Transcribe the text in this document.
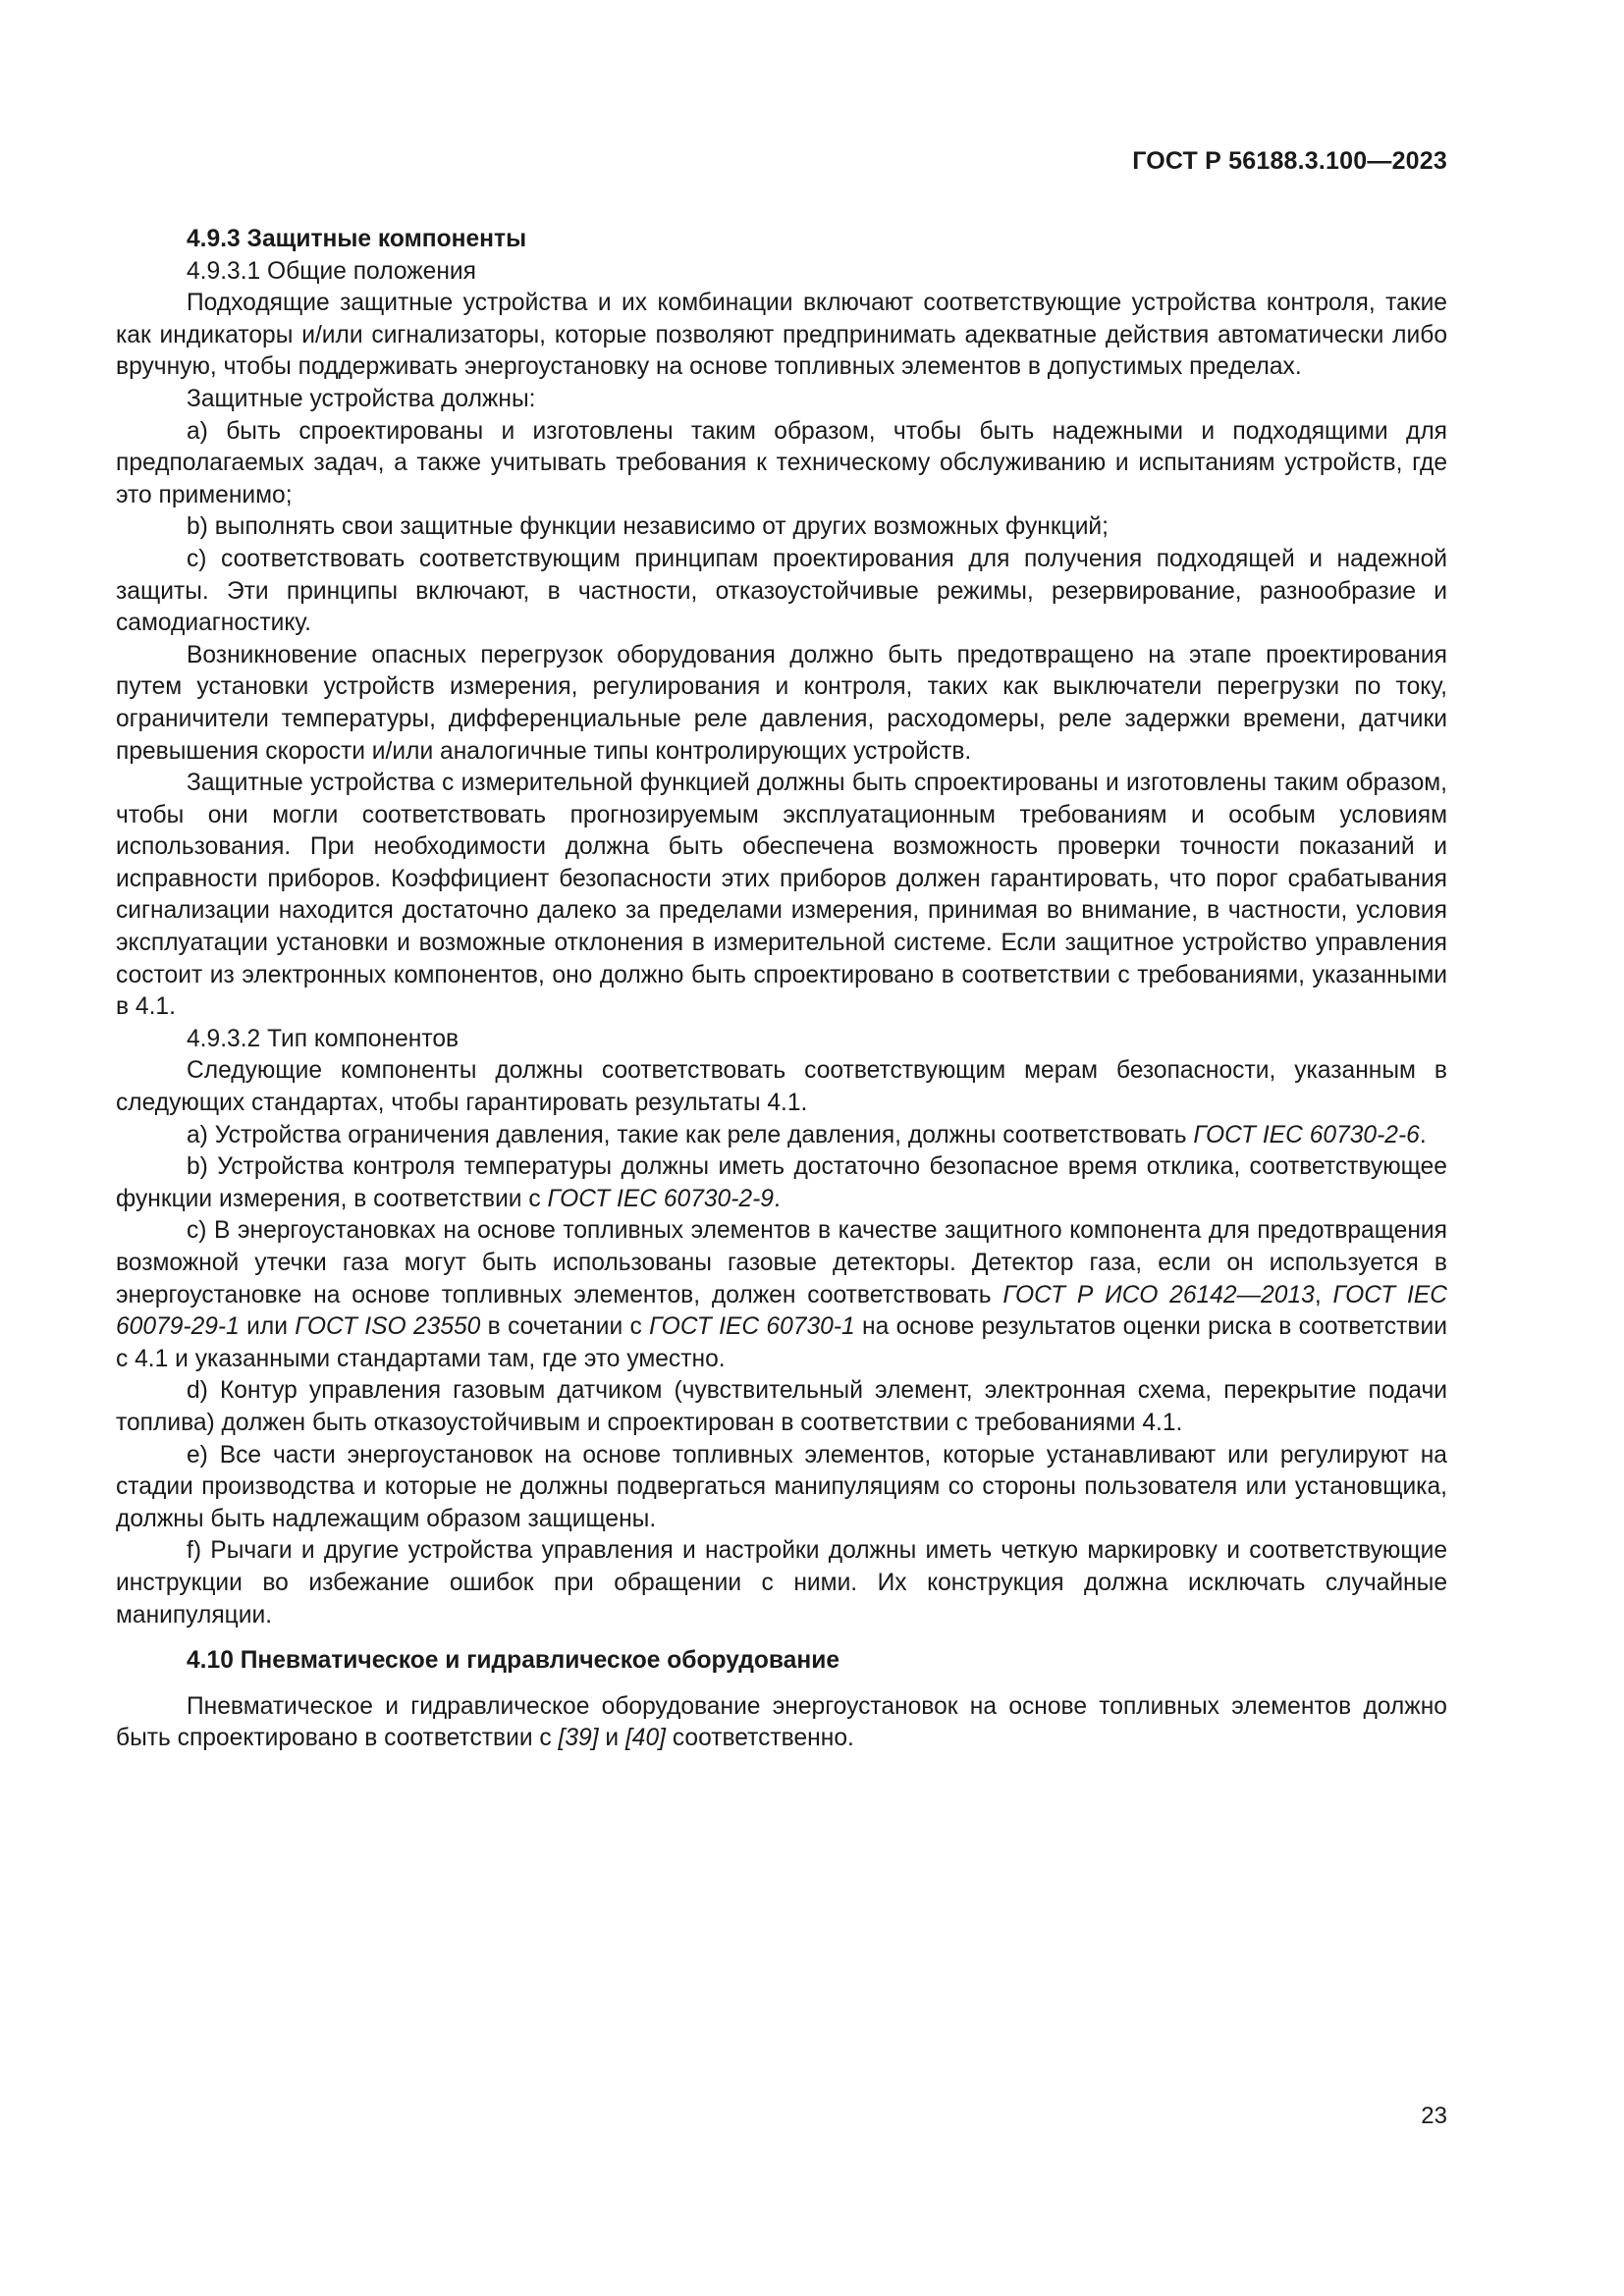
ГОСТ Р 56188.3.100—2023

4.9.3 Защитные компоненты

4.9.3.1 Общие положения

Подходящие защитные устройства и их комбинации включают соответствующие устройства контроля, такие как индикаторы и/или сигнализаторы, которые позволяют предпринимать адекватные действия автоматически либо вручную, чтобы поддерживать энергоустановку на основе топливных элементов в допустимых пределах.

Защитные устройства должны:

а) быть спроектированы и изготовлены таким образом, чтобы быть надежными и подходящими для предполагаемых задач, а также учитывать требования к техническому обслуживанию и испытаниям устройств, где это применимо;

b) выполнять свои защитные функции независимо от других возможных функций;

c) соответствовать соответствующим принципам проектирования для получения подходящей и надежной защиты. Эти принципы включают, в частности, отказоустойчивые режимы, резервирование, разнообразие и самодиагностику.

Возникновение опасных перегрузок оборудования должно быть предотвращено на этапе проектирования путем установки устройств измерения, регулирования и контроля, таких как выключатели перегрузки по току, ограничители температуры, дифференциальные реле давления, расходомеры, реле задержки времени, датчики превышения скорости и/или аналогичные типы контролирующих устройств.

Защитные устройства с измерительной функцией должны быть спроектированы и изготовлены таким образом, чтобы они могли соответствовать прогнозируемым эксплуатационным требованиям и особым условиям использования. При необходимости должна быть обеспечена возможность проверки точности показаний и исправности приборов. Коэффициент безопасности этих приборов должен гарантировать, что порог срабатывания сигнализации находится достаточно далеко за пределами измерения, принимая во внимание, в частности, условия эксплуатации установки и возможные отклонения в измерительной системе. Если защитное устройство управления состоит из электронных компонентов, оно должно быть спроектировано в соответствии с требованиями, указанными в 4.1.

4.9.3.2 Тип компонентов

Следующие компоненты должны соответствовать соответствующим мерам безопасности, указанным в следующих стандартах, чтобы гарантировать результаты 4.1.

а) Устройства ограничения давления, такие как реле давления, должны соответствовать ГОСТ IEC 60730-2-6.

b) Устройства контроля температуры должны иметь достаточно безопасное время отклика, соответствующее функции измерения, в соответствии с ГОСТ IEC 60730-2-9.

c) В энергоустановках на основе топливных элементов в качестве защитного компонента для предотвращения возможной утечки газа могут быть использованы газовые детекторы. Детектор газа, если он используется в энергоустановке на основе топливных элементов, должен соответствовать ГОСТ Р ИСО 26142—2013, ГОСТ IEC 60079-29-1 или ГОСТ ISO 23550 в сочетании с ГОСТ IEC 60730-1 на основе результатов оценки риска в соответствии с 4.1 и указанными стандартами там, где это уместно.

d) Контур управления газовым датчиком (чувствительный элемент, электронная схема, перекрытие подачи топлива) должен быть отказоустойчивым и спроектирован в соответствии с требованиями 4.1.

e) Все части энергоустановок на основе топливных элементов, которые устанавливают или регулируют на стадии производства и которые не должны подвергаться манипуляциям со стороны пользователя или установщика, должны быть надлежащим образом защищены.

f) Рычаги и другие устройства управления и настройки должны иметь четкую маркировку и соответствующие инструкции во избежание ошибок при обращении с ними. Их конструкция должна исключать случайные манипуляции.

4.10 Пневматическое и гидравлическое оборудование

Пневматическое и гидравлическое оборудование энергоустановок на основе топливных элементов должно быть спроектировано в соответствии с [39] и [40] соответственно.

23
